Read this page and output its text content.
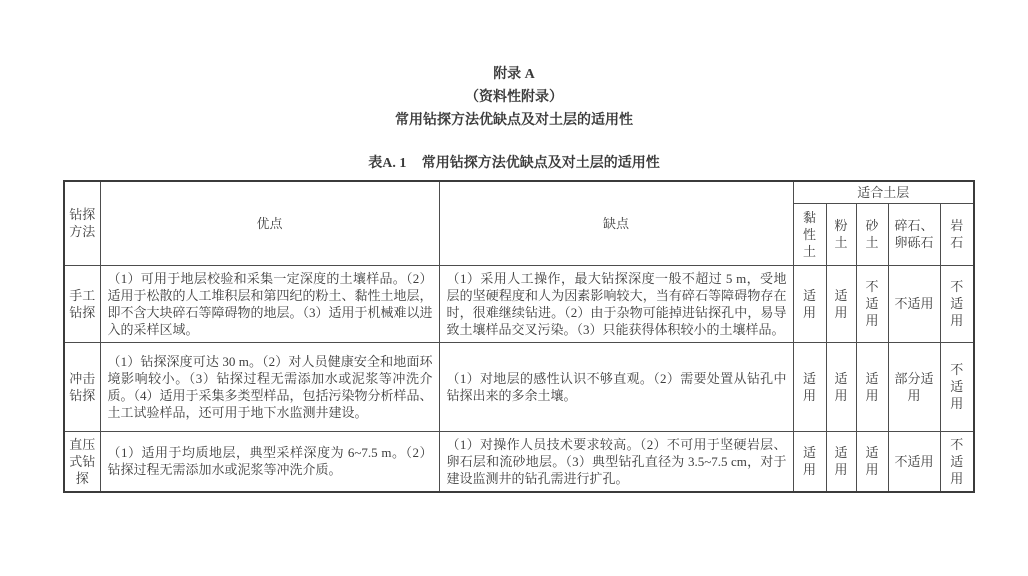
附录 A
（资料性附录）
常用钻探方法优缺点及对土层的适用性
表A. 1 常用钻探方法优缺点及对土层的适用性
钻探方法	优点	缺点	适合土层				
			黏性土	粉土	砂土	碎石、卵砾石	岩石
手工钻探	（1）可用于地层校验和采集一定深度的土壤样品。（2）适用于松散的人工堆积层和第四纪的粉土、黏性土地层，即不含大块碎石等障碍物的地层。（3）适用于机械难以进入的采样区域。	（1）采用人工操作，最大钻探深度一般不超过 5 m，受地层的坚硬程度和人为因素影响较大，当有碎石等障碍物存在时，很难继续钻进。（2）由于杂物可能掉进钻探孔中，易导致土壤样品交叉污染。（3）只能获得体积较小的土壤样品。	适用	适用	不适用	不适用	不适用
冲击钻探	（1）钻探深度可达 30 m。（2）对人员健康安全和地面环境影响较小。（3）钻探过程无需添加水或泥浆等冲洗介质。（4）适用于采集多类型样品，包括污染物分析样品、土工试验样品，还可用于地下水监测井建设。	（1）对地层的感性认识不够直观。（2）需要处置从钻孔中钻探出来的多余土壤。	适用	适用	适用	部分适用	不适用
直压式钻探	（1）适用于均质地层，典型采样深度为 6~7.5 m。（2）钻探过程无需添加水或泥浆等冲洗介质。	（1）对操作人员技术要求较高。（2）不可用于坚硬岩层、卵石层和流砂地层。（3）典型钻孔直径为 3.5~7.5 cm，对于建设监测井的钻孔需进行扩孔。	适用	适用	适用	不适用	不适用
